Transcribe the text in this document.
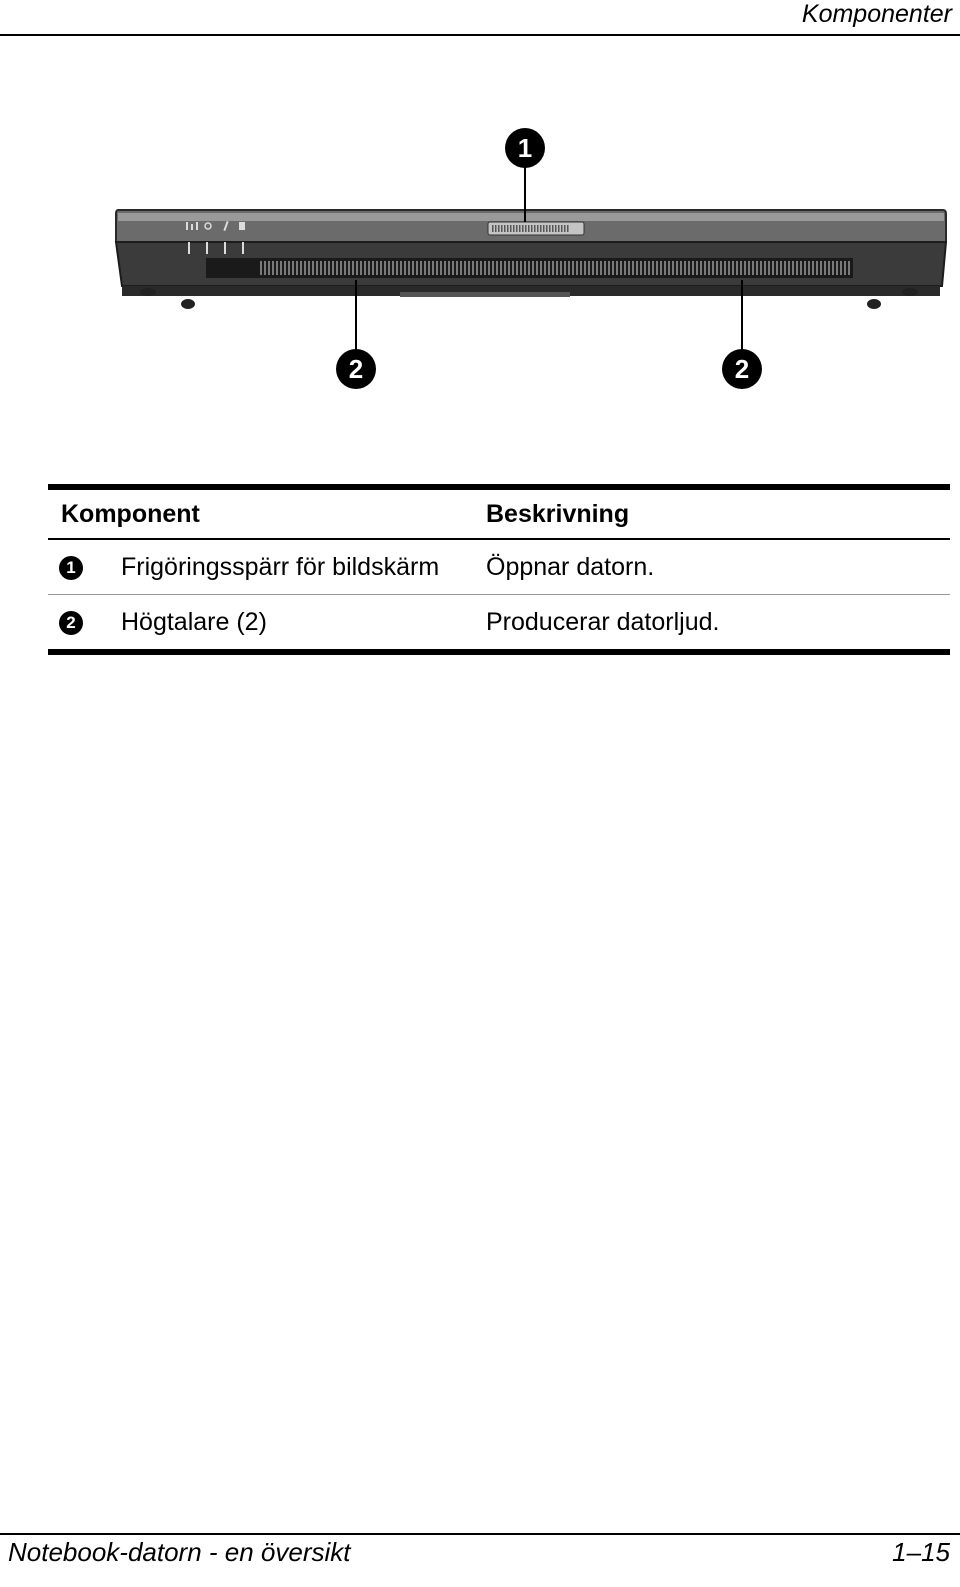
Komponenter
1
2	2
Komponent		Beskrivning
1	Frigöringsspärr för bildskärm	Öppnar datorn.
2	Högtalare (2)	Producerar datorljud.
Notebook-datorn - en översikt	1–15
